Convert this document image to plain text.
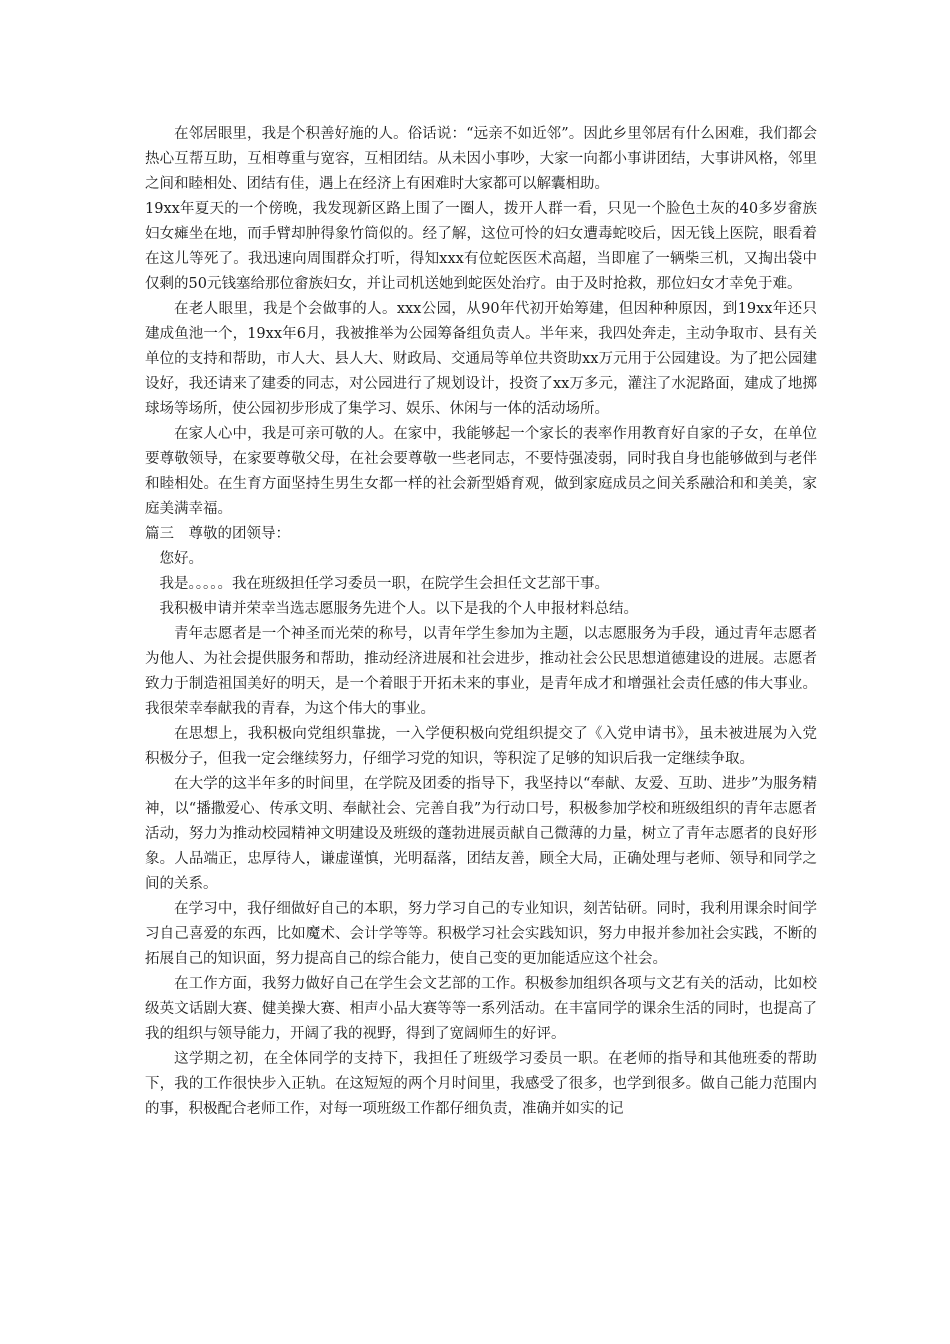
在邻居眼里，我是个积善好施的人。俗话说：“远亲不如近邻”。因此乡里邻居有什么困难，我们都会热心互帮互助，互相尊重与宽容，互相团结。从未因小事吵，大家一向都小事讲团结，大事讲风格，邻里之间和睦相处、团结有佳，遇上在经济上有困难时大家都可以解囊相助。

19xx年夏天的一个傍晚，我发现新区路上围了一圈人，拨开人群一看，只见一个脸色土灰的40多岁畲族妇女瘫坐在地，而手臂却肿得象竹筒似的。经了解，这位可怜的妇女遭毒蛇咬后，因无钱上医院，眼看着在这儿等死了。我迅速向周围群众打听，得知xxx有位蛇医医术高超，当即雇了一辆柴三机，又掏出袋中仅剩的50元钱塞给那位畲族妇女，并让司机送她到蛇医处治疗。由于及时抢救，那位妇女才幸免于难。

在老人眼里，我是个会做事的人。xxx公园，从90年代初开始筹建，但因种种原因，到19xx年还只建成鱼池一个，19xx年6月，我被推举为公园筹备组负责人。半年来，我四处奔走，主动争取市、县有关单位的支持和帮助，市人大、县人大、财政局、交通局等单位共资助xx万元用于公园建设。为了把公园建设好，我还请来了建委的同志，对公园进行了规划设计，投资了xx万多元，灌注了水泥路面，建成了地掷球场等场所，使公园初步形成了集学习、娱乐、休闲与一体的活动场所。

在家人心中，我是可亲可敬的人。在家中，我能够起一个家长的表率作用教育好自家的子女，在单位要尊敬领导，在家要尊敬父母，在社会要尊敬一些老同志，不要恃强凌弱，同时我自身也能够做到与老伴和睦相处。在生育方面坚持生男生女都一样的社会新型婚育观，做到家庭成员之间关系融洽和和美美，家庭美满幸福。

篇三　尊敬的团领导：

您好。

我是。。。。。我在班级担任学习委员一职，在院学生会担任文艺部干事。

我积极申请并荣幸当选志愿服务先进个人。以下是我的个人申报材料总结。

青年志愿者是一个神圣而光荣的称号，以青年学生参加为主题，以志愿服务为手段，通过青年志愿者为他人、为社会提供服务和帮助，推动经济进展和社会进步，推动社会公民思想道德建设的进展。志愿者致力于制造祖国美好的明天，是一个着眼于开拓未来的事业，是青年成才和增强社会责任感的伟大事业。我很荣幸奉献我的青春，为这个伟大的事业。

在思想上，我积极向党组织靠拢，一入学便积极向党组织提交了《入党申请书》，虽未被进展为入党积极分子，但我一定会继续努力，仔细学习党的知识，等积淀了足够的知识后我一定继续争取。

在大学的这半年多的时间里，在学院及团委的指导下，我坚持以“奉献、友爱、互助、进步”为服务精神，以“播撒爱心、传承文明、奉献社会、完善自我”为行动口号，积极参加学校和班级组织的青年志愿者活动，努力为推动校园精神文明建设及班级的蓬勃进展贡献自己微薄的力量，树立了青年志愿者的良好形象。人品端正，忠厚待人，谦虚谨慎，光明磊落，团结友善，顾全大局，正确处理与老师、领导和同学之间的关系。

在学习中，我仔细做好自己的本职，努力学习自己的专业知识，刻苦钻研。同时，我利用课余时间学习自己喜爱的东西，比如魔术、会计学等等。积极学习社会实践知识，努力申报并参加社会实践，不断的拓展自己的知识面，努力提高自己的综合能力，使自己变的更加能适应这个社会。

在工作方面，我努力做好自己在学生会文艺部的工作。积极参加组织各项与文艺有关的活动，比如校级英文话剧大赛、健美操大赛、相声小品大赛等等一系列活动。在丰富同学的课余生活的同时，也提高了我的组织与领导能力，开阔了我的视野，得到了宽阔师生的好评。

这学期之初，在全体同学的支持下，我担任了班级学习委员一职。在老师的指导和其他班委的帮助下，我的工作很快步入正轨。在这短短的两个月时间里，我感受了很多，也学到很多。做自己能力范围内的事，积极配合老师工作，对每一项班级工作都仔细负责，准确并如实的记
